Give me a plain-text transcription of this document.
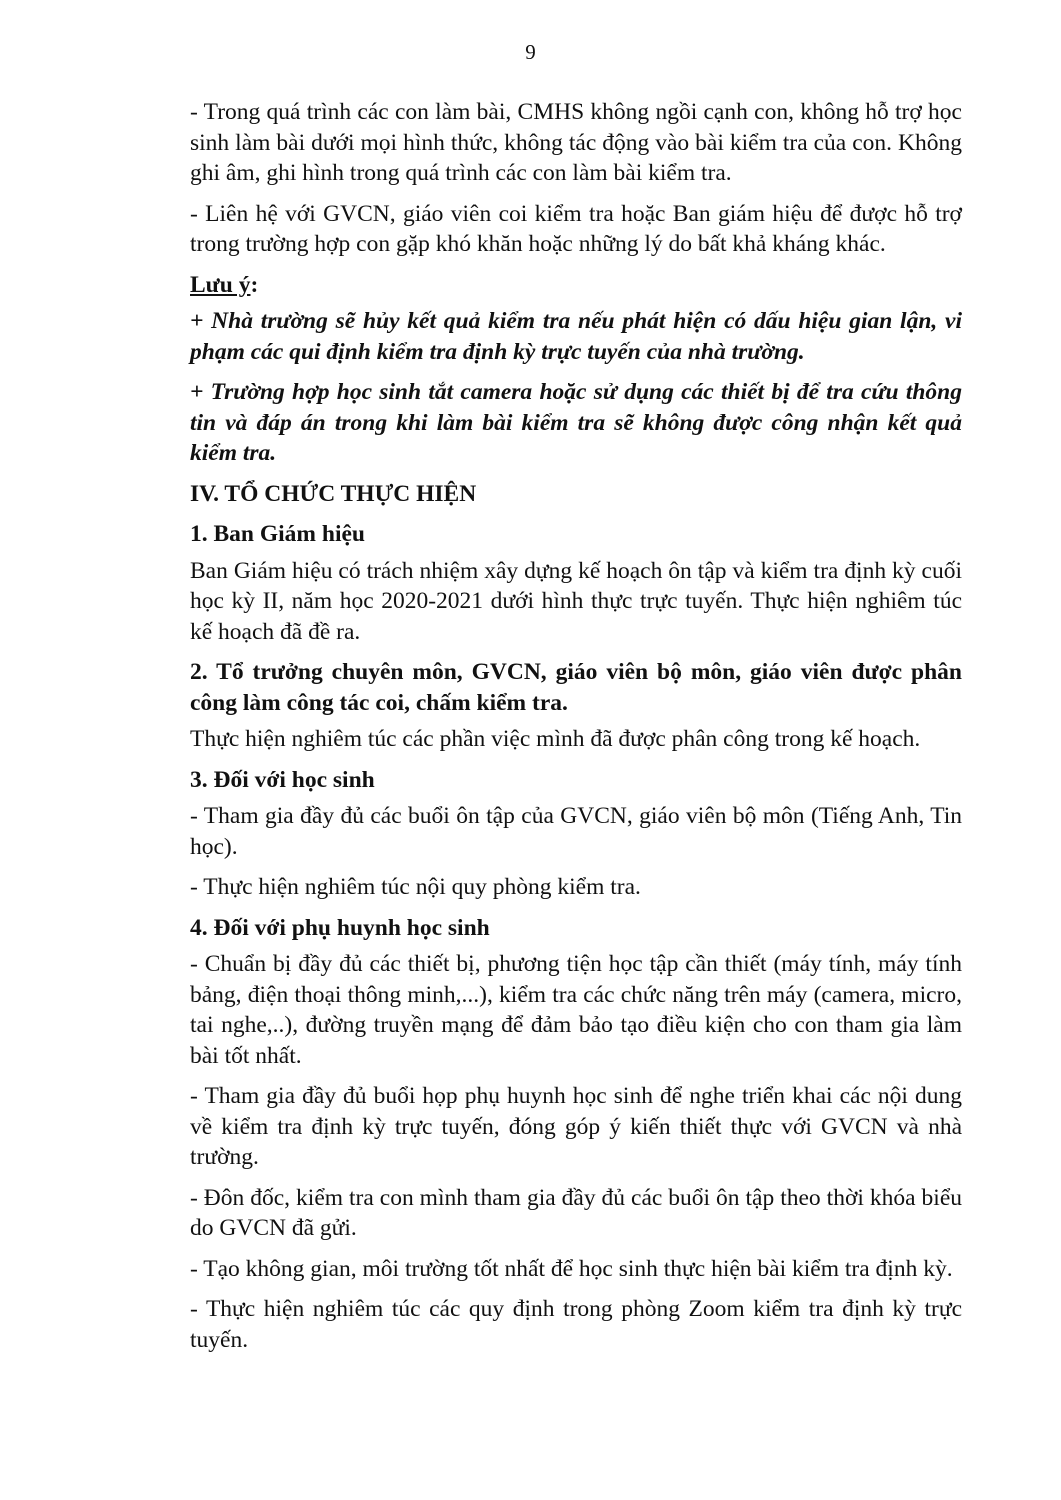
9

- Trong quá trình các con làm bài, CMHS không ngồi cạnh con, không hỗ trợ học sinh làm bài dưới mọi hình thức, không tác động vào bài kiểm tra của con. Không ghi âm, ghi hình trong quá trình các con làm bài kiểm tra.

- Liên hệ với GVCN, giáo viên coi kiểm tra hoặc Ban giám hiệu để được hỗ trợ trong trường hợp con gặp khó khăn hoặc những lý do bất khả kháng khác.

Lưu ý:

+ Nhà trường sẽ hủy kết quả kiểm tra nếu phát hiện có dấu hiệu gian lận, vi phạm các qui định kiểm tra định kỳ trực tuyến của nhà trường.

+ Trường hợp học sinh tắt camera hoặc sử dụng các thiết bị để tra cứu thông tin và đáp án trong khi làm bài kiểm tra sẽ không được công nhận kết quả kiểm tra.

IV. TỔ CHỨC THỰC HIỆN

1. Ban Giám hiệu

Ban Giám hiệu có trách nhiệm xây dựng kế hoạch ôn tập và kiểm tra định kỳ cuối học kỳ II, năm học 2020-2021 dưới hình thực trực tuyến. Thực hiện nghiêm túc kế hoạch đã đề ra.

2. Tổ trưởng chuyên môn, GVCN, giáo viên bộ môn, giáo viên được phân công làm công tác coi, chấm kiểm tra.

Thực hiện nghiêm túc các phần việc mình đã được phân công trong kế hoạch.

3. Đối với học sinh

- Tham gia đầy đủ các buổi ôn tập của GVCN, giáo viên bộ môn (Tiếng Anh, Tin học).

- Thực hiện nghiêm túc nội quy phòng kiểm tra.

4. Đối với phụ huynh học sinh

- Chuẩn bị đầy đủ các thiết bị, phương tiện học tập cần thiết (máy tính, máy tính bảng, điện thoại thông minh,...), kiểm tra các chức năng trên máy (camera, micro, tai nghe,..), đường truyền mạng để đảm bảo tạo điều kiện cho con tham gia làm bài tốt nhất.

- Tham gia đầy đủ buổi họp phụ huynh học sinh để nghe triển khai các nội dung về kiểm tra định kỳ trực tuyến, đóng góp ý kiến thiết thực với GVCN và nhà trường.

- Đôn đốc, kiểm tra con mình tham gia đầy đủ các buổi ôn tập theo thời khóa biểu do GVCN đã gửi.

- Tạo không gian, môi trường tốt nhất để học sinh thực hiện bài kiểm tra định kỳ.

- Thực hiện nghiêm túc các quy định trong phòng Zoom kiểm tra định kỳ trực tuyến.
